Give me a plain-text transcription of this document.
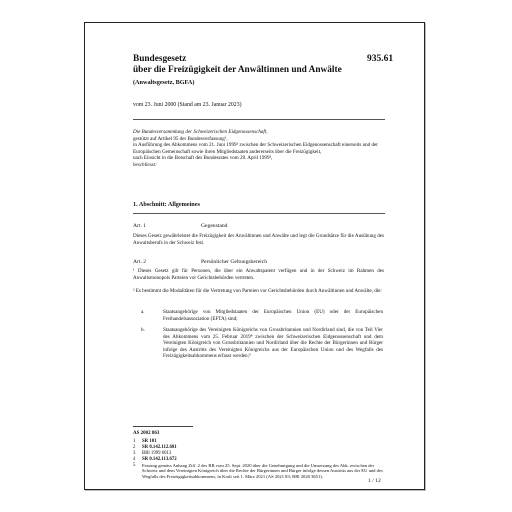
935.61
Bundesgesetz
über die Freizügigkeit der Anwältinnen und Anwälte
(Anwaltsgesetz, BGFA)
vom 23. Juni 2000 (Stand am 23. Januar 2023)
Die Bundesversammlung der Schweizerischen Eidgenossenschaft,
gestützt auf Artikel 95 der Bundesverfassung¹,
in Ausführung des Abkommens vom 21. Juni 1999² zwischen der Schweizerischen Eidgenossenschaft einerseits und der Europäischen Gemeinschaft sowie ihren Mitgliedstaaten andererseits über die Freizügigkeit,
nach Einsicht in die Botschaft des Bundesrates vom 28. April 1999³,
beschliesst:
1. Abschnitt: Allgemeines
Art. 1	Gegenstand
Dieses Gesetz gewährleistet die Freizügigkeit der Anwältinnen und Anwälte und legt die Grundsätze für die Ausübung des Anwaltsberufs in der Schweiz fest.
Art. 2	Persönlicher Geltungsbereich
¹ Dieses Gesetz gilt für Personen, die über ein Anwaltspatent verfügen und in der Schweiz im Rahmen des Anwaltsmonopols Parteien vor Gerichtsbehörden vertreten.
² Es bestimmt die Modalitäten für die Vertretung von Parteien vor Gerichtsbehörden durch Anwältinnen und Anwälte, die:
a.	Staatsangehörige von Mitgliedstaaten der Europäischen Union (EU) oder der Europäischen Freihandelsassoziation (EFTA) sind;
b.	Staatsangehörige des Vereinigten Königreichs von Grossbritannien und Nordirland sind, die von Teil Vier des Abkommens vom 25. Februar 2019⁴ zwischen der Schweizerischen Eidgenossenschaft und dem Vereinigten Königreich von Grossbritannien und Nordirland über die Rechte der Bürgerinnen und Bürger infolge des Austritts des Vereinigten Königreichs aus der Europäischen Union und des Wegfalls des Freizügigkeitsabkommens erfasst werden;⁵
AS 2002 863
1 SR 101
2 SR 0.142.112.681
3 BBl 1999 6013
4 SR 0.142.113.672
5 Fassung gemäss Anhang Ziff. 2 des BB vom 25. Sept. 2020 über die Genehmigung und die Umsetzung des Abk. zwischen der Schweiz und dem Vereinigten Königreich über die Rechte der Bürgerinnen und Bürger infolge dessen Austritts aus der EU und des Wegfalls des Freizügigkeitsabkommens, in Kraft seit 1. März 2021 (AS 2021 83; BBl 2020 3651).
1 / 12
